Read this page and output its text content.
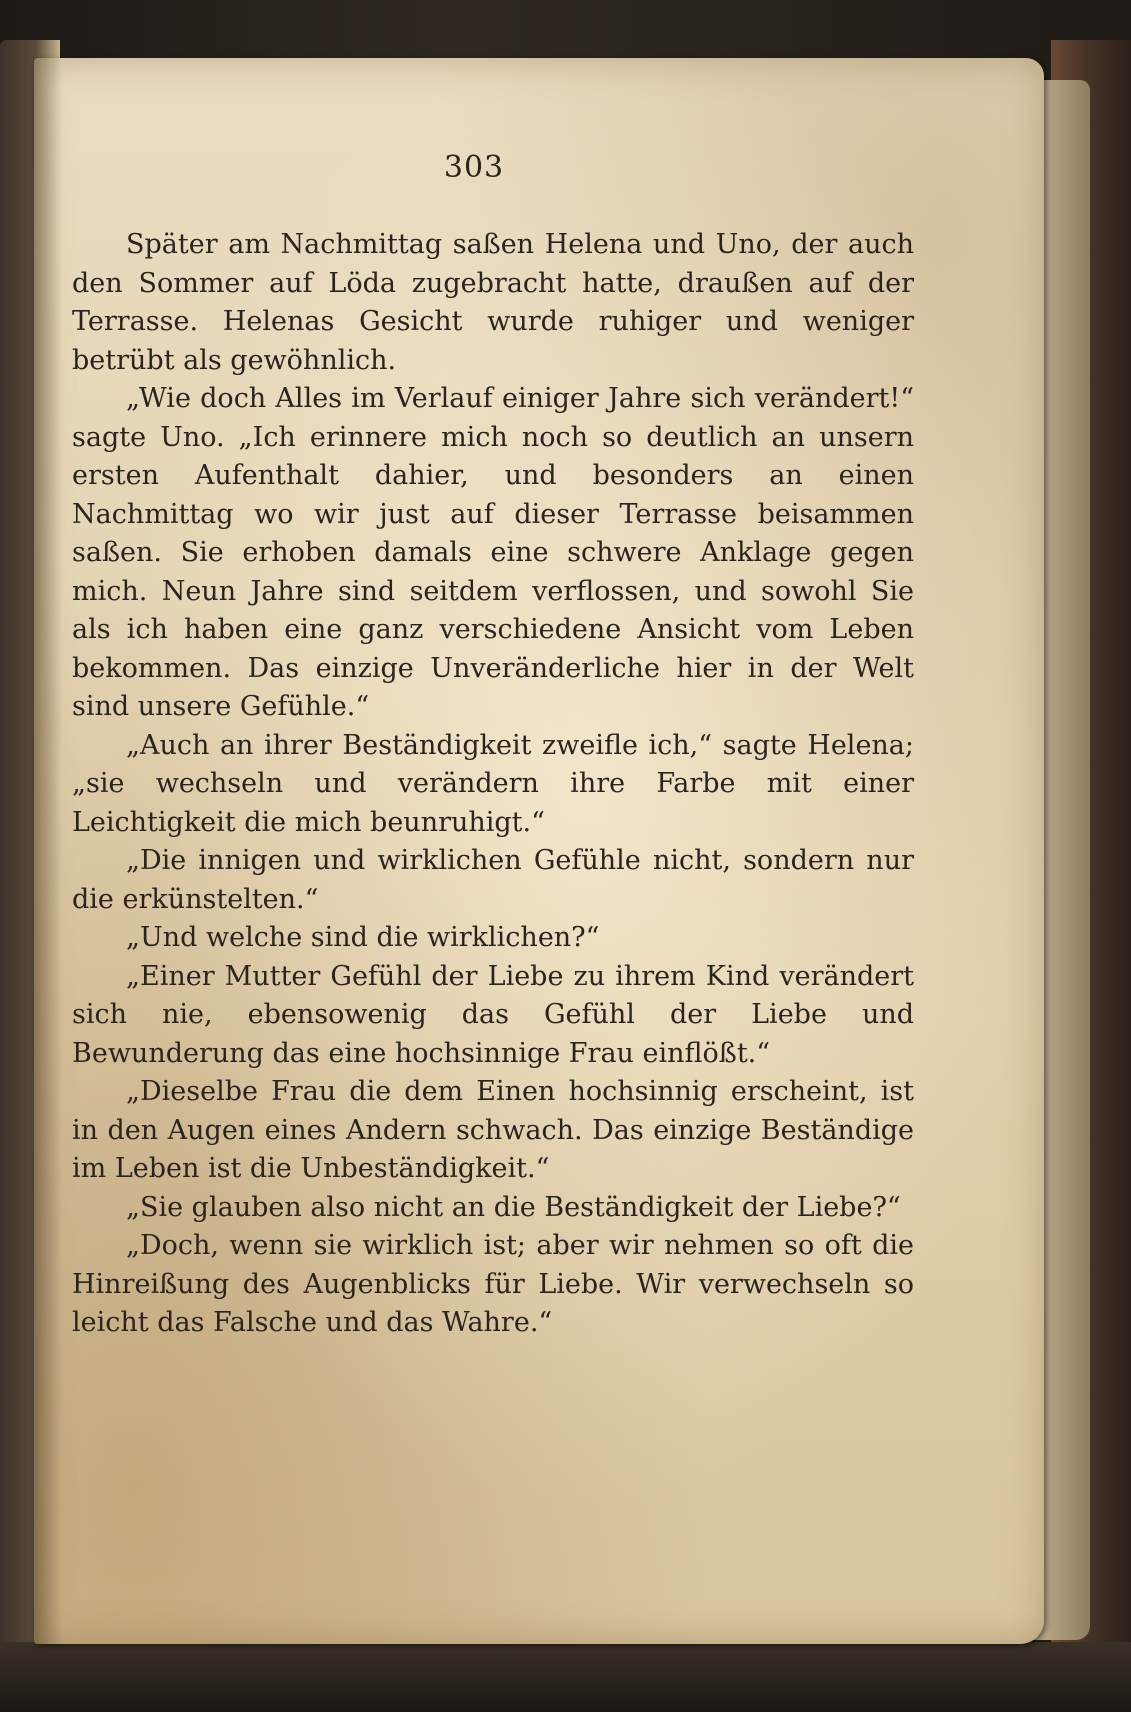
303

Später am Nachmittag saßen Helena und Uno, der auch den Sommer auf Löda zugebracht hatte, draußen auf der Terrasse. Helenas Gesicht wurde ruhiger und weniger betrübt als gewöhnlich.

„Wie doch Alles im Verlauf einiger Jahre sich verändert!“ sagte Uno. „Ich erinnere mich noch so deutlich an unsern ersten Aufenthalt dahier, und besonders an einen Nachmittag wo wir just auf dieser Terrasse beisammen saßen. Sie erhoben damals eine schwere Anklage gegen mich. Neun Jahre sind seitdem verflossen, und sowohl Sie als ich haben eine ganz verschiedene Ansicht vom Leben bekommen. Das einzige Unveränderliche hier in der Welt sind unsere Gefühle.“

„Auch an ihrer Beständigkeit zweifle ich,“ sagte Helena; „sie wechseln und verändern ihre Farbe mit einer Leichtigkeit die mich beunruhigt.“

„Die innigen und wirklichen Gefühle nicht, sondern nur die erkünstelten.“

„Und welche sind die wirklichen?“

„Einer Mutter Gefühl der Liebe zu ihrem Kind verändert sich nie, ebensowenig das Gefühl der Liebe und Bewunderung das eine hochsinnige Frau einflößt.“

„Dieselbe Frau die dem Einen hochsinnig erscheint, ist in den Augen eines Andern schwach. Das einzige Beständige im Leben ist die Unbeständigkeit.“

„Sie glauben also nicht an die Beständigkeit der Liebe?“

„Doch, wenn sie wirklich ist; aber wir nehmen so oft die Hinreißung des Augenblicks für Liebe. Wir verwechseln so leicht das Falsche und das Wahre.“
